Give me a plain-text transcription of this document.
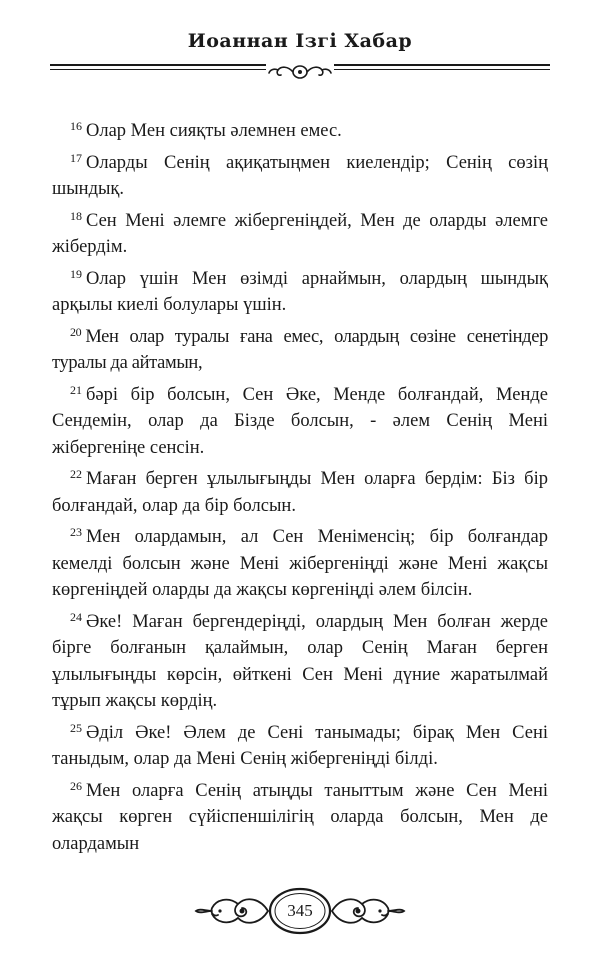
Иоаннан Ізгі Хабар

$^{16}$ Олар Мен сияқты әлемнен емес.

$^{17}$ Оларды Сенің ақиқатыңмен киелендір; Сенің сөзің шындық.

$^{18}$ Сен Мені әлемге жібергеніңдей, Мен де оларды әлемге жібердім.

$^{19}$ Олар үшін Мен өзімді арнаймын, олардың шындық арқылы киелі болулары үшін.

$^{20}$ Мен олар туралы ғана емес, олардың сөзіне сенетіндер туралы да айтамын,

$^{21}$ бәрі бір болсын, Сен Әке, Менде болғандай, Менде Сендемін, олар да Бізде болсын, - әлем Сенің Мені жібергеніңе сенсін.

$^{22}$ Маған берген ұлылығыңды Мен оларға бердім: Біз бір болғандай, олар да бір болсын.

$^{23}$ Мен олардамын, ал Сен Меніменсің; бір болғандар кемелді болсын және Мені жібергеніңді және Мені жақсы көргеніңдей оларды да жақсы көргеніңді әлем білсін.

$^{24}$ Әке! Маған бергендеріңді, олардың Мен болған жерде бірге болғанын қалаймын, олар Сенің Маған берген ұлылығыңды көрсін, өйткені Сен Мені дүние жаратылмай тұрып жақсы көрдің.

$^{25}$ Әділ Әке! Әлем де Сені танымады; бірақ Мен Сені таныдым, олар да Мені Сенің жібергеніңді білді.

$^{26}$ Мен оларға Сенің атыңды таныттым және Сен Мені жақсы көрген сүйіспеншілігің оларда болсын, Мен де олардамын

345
